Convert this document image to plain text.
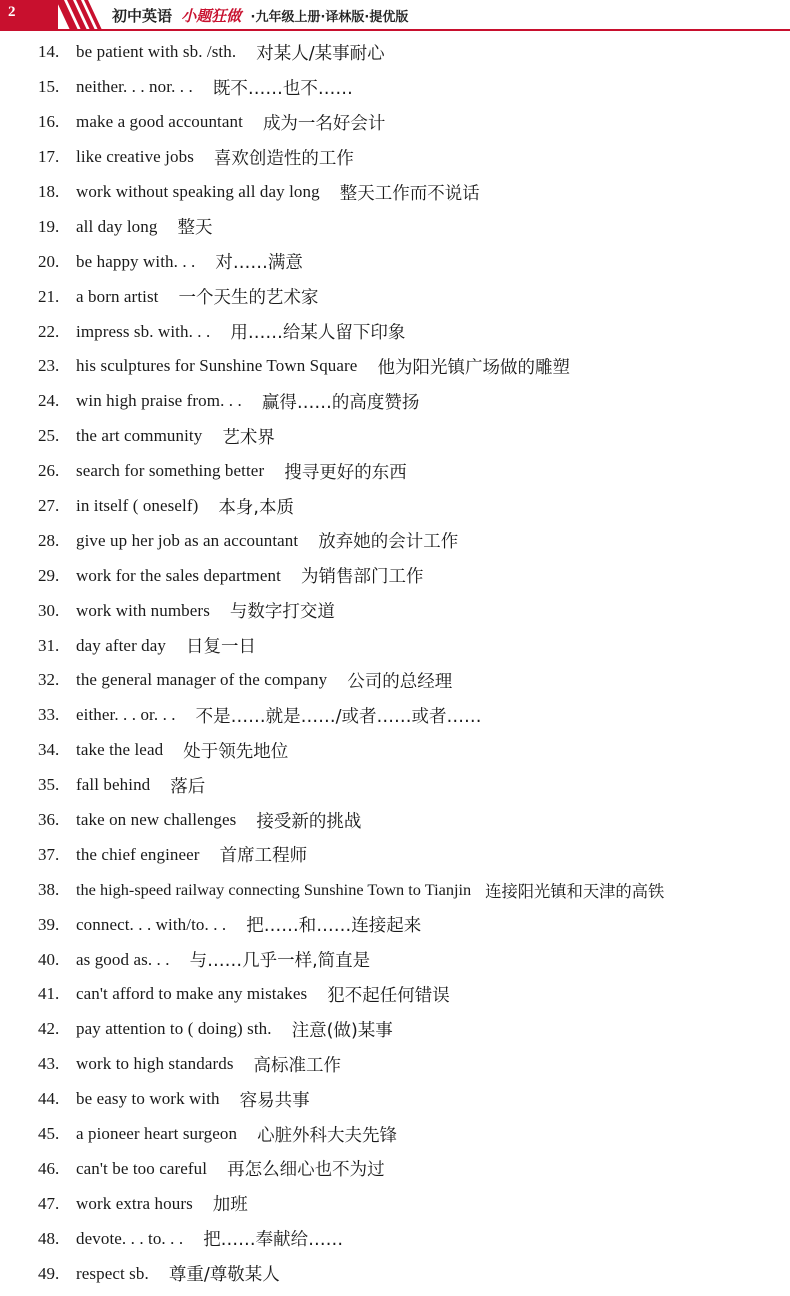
2	初中英语 小题狂做 ·九年级上册·译林版·提优版
14. be patient with sb. /sth. 对某人/某事耐心
15. neither. . . nor. . . 既不……也不……
16. make a good accountant 成为一名好会计
17. like creative jobs 喜欢创造性的工作
18. work without speaking all day long 整天工作而不说话
19. all day long 整天
20. be happy with. . . 对……满意
21. a born artist 一个天生的艺术家
22. impress sb. with. . . 用……给某人留下印象
23. his sculptures for Sunshine Town Square 他为阳光镇广场做的雕塑
24. win high praise from. . . 赢得……的高度赞扬
25. the art community 艺术界
26. search for something better 搜寻更好的东西
27. in itself ( oneself) 本身,本质
28. give up her job as an accountant 放弃她的会计工作
29. work for the sales department 为销售部门工作
30. work with numbers 与数字打交道
31. day after day 日复一日
32. the general manager of the company 公司的总经理
33. either. . . or. . . 不是……就是……/或者……或者……
34. take the lead 处于领先地位
35. fall behind 落后
36. take on new challenges 接受新的挑战
37. the chief engineer 首席工程师
38.	the high-speed railway connecting Sunshine Town to Tianjin 连接阳光镇和天津的高铁
39. connect. . . with/to. . . 把……和……连接起来
40. as good as. . . 与……几乎一样,简直是
41. can't afford to make any mistakes 犯不起任何错误
42. pay attention to ( doing) sth. 注意(做)某事
43. work to high standards 高标准工作
44. be easy to work with 容易共事
45. a pioneer heart surgeon 心脏外科大夫先锋
46. can't be too careful 再怎么细心也不为过
47. work extra hours 加班
48. devote. . . to. . . 把……奉献给……
49. respect sb. 尊重/尊敬某人
